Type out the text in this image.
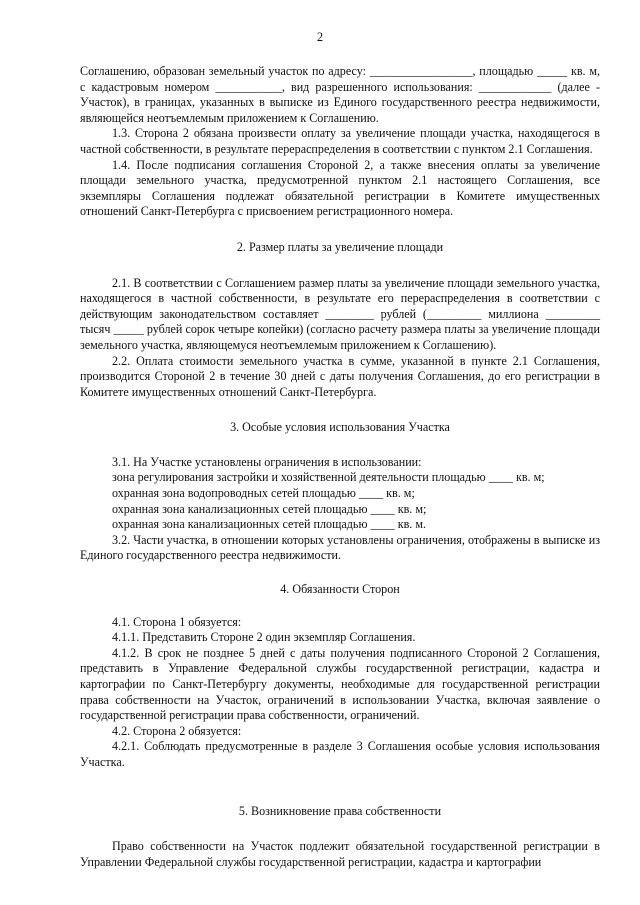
2

Соглашению, образован земельный участок по адресу: _________________, площадью _____ кв. м, с кадастровым номером ___________, вид разрешенного использования: ____________ (далее - Участок), в границах, указанных в выписке из Единого государственного реестра недвижимости, являющейся неотъемлемым приложением к Соглашению.

1.3. Сторона 2 обязана произвести оплату за увеличение площади участка, находящегося в частной собственности, в результате перераспределения в соответствии с пунктом 2.1 Соглашения.

1.4. После подписания соглашения Стороной 2, а также внесения оплаты за увеличение площади земельного участка, предусмотренной пунктом 2.1 настоящего Соглашения, все экземпляры Соглашения подлежат обязательной регистрации в Комитете имущественных отношений Санкт-Петербурга с присвоением регистрационного номера.

2. Размер платы за увеличение площади

2.1. В соответствии с Соглашением размер платы за увеличение площади земельного участка, находящегося в частной собственности, в результате его перераспределения в соответствии с действующим законодательством составляет ________ рублей (_________ миллиона _________ тысяч _____ рублей сорок четыре копейки) (согласно расчету размера платы за увеличение площади земельного участка, являющемуся неотъемлемым приложением к Соглашению).

2.2. Оплата стоимости земельного участка в сумме, указанной в пункте 2.1 Соглашения, производится Стороной 2 в течение 30 дней с даты получения Соглашения, до его регистрации в Комитете имущественных отношений Санкт-Петербурга.

3. Особые условия использования Участка

3.1. На Участке установлены ограничения в использовании:

зона регулирования застройки и хозяйственной деятельности площадью ____ кв. м;

охранная зона водопроводных сетей площадью ____ кв. м;

охранная зона канализационных сетей площадью ____ кв. м;

охранная зона канализационных сетей площадью ____ кв. м.

3.2. Части участка, в отношении которых установлены ограничения, отображены в выписке из Единого государственного реестра недвижимости.

4. Обязанности Сторон

4.1. Сторона 1 обязуется:

4.1.1. Представить Стороне 2 один экземпляр Соглашения.

4.1.2. В срок не позднее 5 дней с даты получения подписанного Стороной 2 Соглашения, представить в Управление Федеральной службы государственной регистрации, кадастра и картографии по Санкт-Петербургу документы, необходимые для государственной регистрации права собственности на Участок, ограничений в использовании Участка, включая заявление о государственной регистрации права собственности, ограничений.

4.2. Сторона 2 обязуется:

4.2.1. Соблюдать предусмотренные в разделе 3 Соглашения особые условия использования Участка.

5. Возникновение права собственности

Право собственности на Участок подлежит обязательной государственной регистрации в Управлении Федеральной службы государственной регистрации, кадастра и картографии
